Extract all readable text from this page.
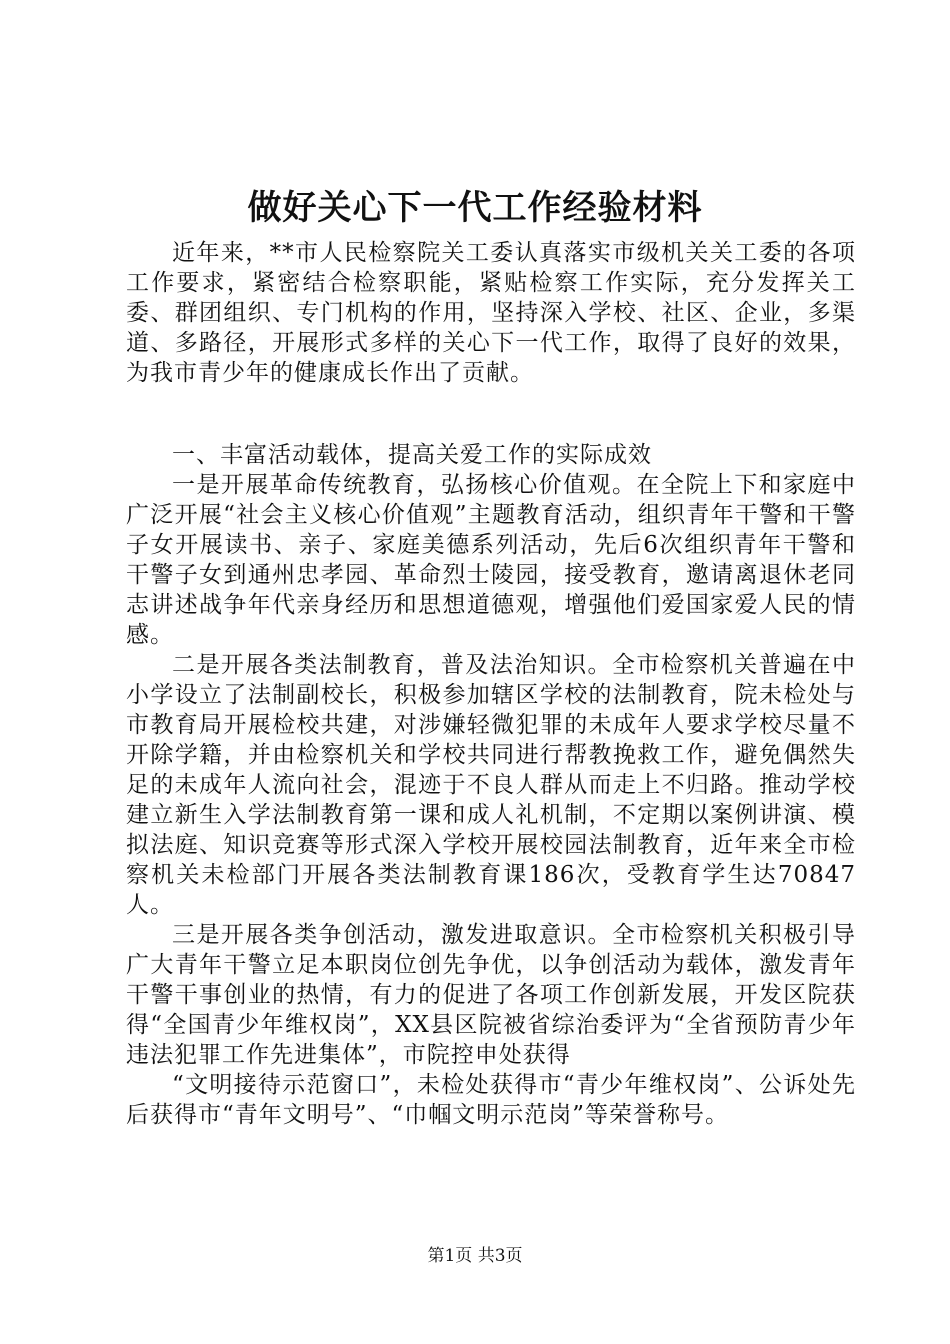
做好关心下一代工作经验材料

近年来，**市人民检察院关工委认真落实市级机关关工委的各项工作要求，紧密结合检察职能，紧贴检察工作实际，充分发挥关工委、群团组织、专门机构的作用，坚持深入学校、社区、企业，多渠道、多路径，开展形式多样的关心下一代工作，取得了良好的效果，为我市青少年的健康成长作出了贡献。

一、丰富活动载体，提高关爱工作的实际成效

一是开展革命传统教育，弘扬核心价值观。在全院上下和家庭中广泛开展“社会主义核心价值观”主题教育活动，组织青年干警和干警子女开展读书、亲子、家庭美德系列活动，先后6次组织青年干警和干警子女到通州忠孝园、革命烈士陵园，接受教育，邀请离退休老同志讲述战争年代亲身经历和思想道德观，增强他们爱国家爱人民的情感。

二是开展各类法制教育，普及法治知识。全市检察机关普遍在中小学设立了法制副校长，积极参加辖区学校的法制教育，院未检处与市教育局开展检校共建，对涉嫌轻微犯罪的未成年人要求学校尽量不开除学籍，并由检察机关和学校共同进行帮教挽救工作，避免偶然失足的未成年人流向社会，混迹于不良人群从而走上不归路。推动学校建立新生入学法制教育第一课和成人礼机制，不定期以案例讲演、模拟法庭、知识竞赛等形式深入学校开展校园法制教育，近年来全市检察机关未检部门开展各类法制教育课186次，受教育学生达70847人。

三是开展各类争创活动，激发进取意识。全市检察机关积极引导广大青年干警立足本职岗位创先争优，以争创活动为载体，激发青年干警干事创业的热情，有力的促进了各项工作创新发展，开发区院获得“全国青少年维权岗”，XX县区院被省综治委评为“全省预防青少年违法犯罪工作先进集体”，市院控申处获得

“文明接待示范窗口”，未检处获得市“青少年维权岗”、公诉处先后获得市“青年文明号”、“巾帼文明示范岗”等荣誉称号。

第1页 共3页
